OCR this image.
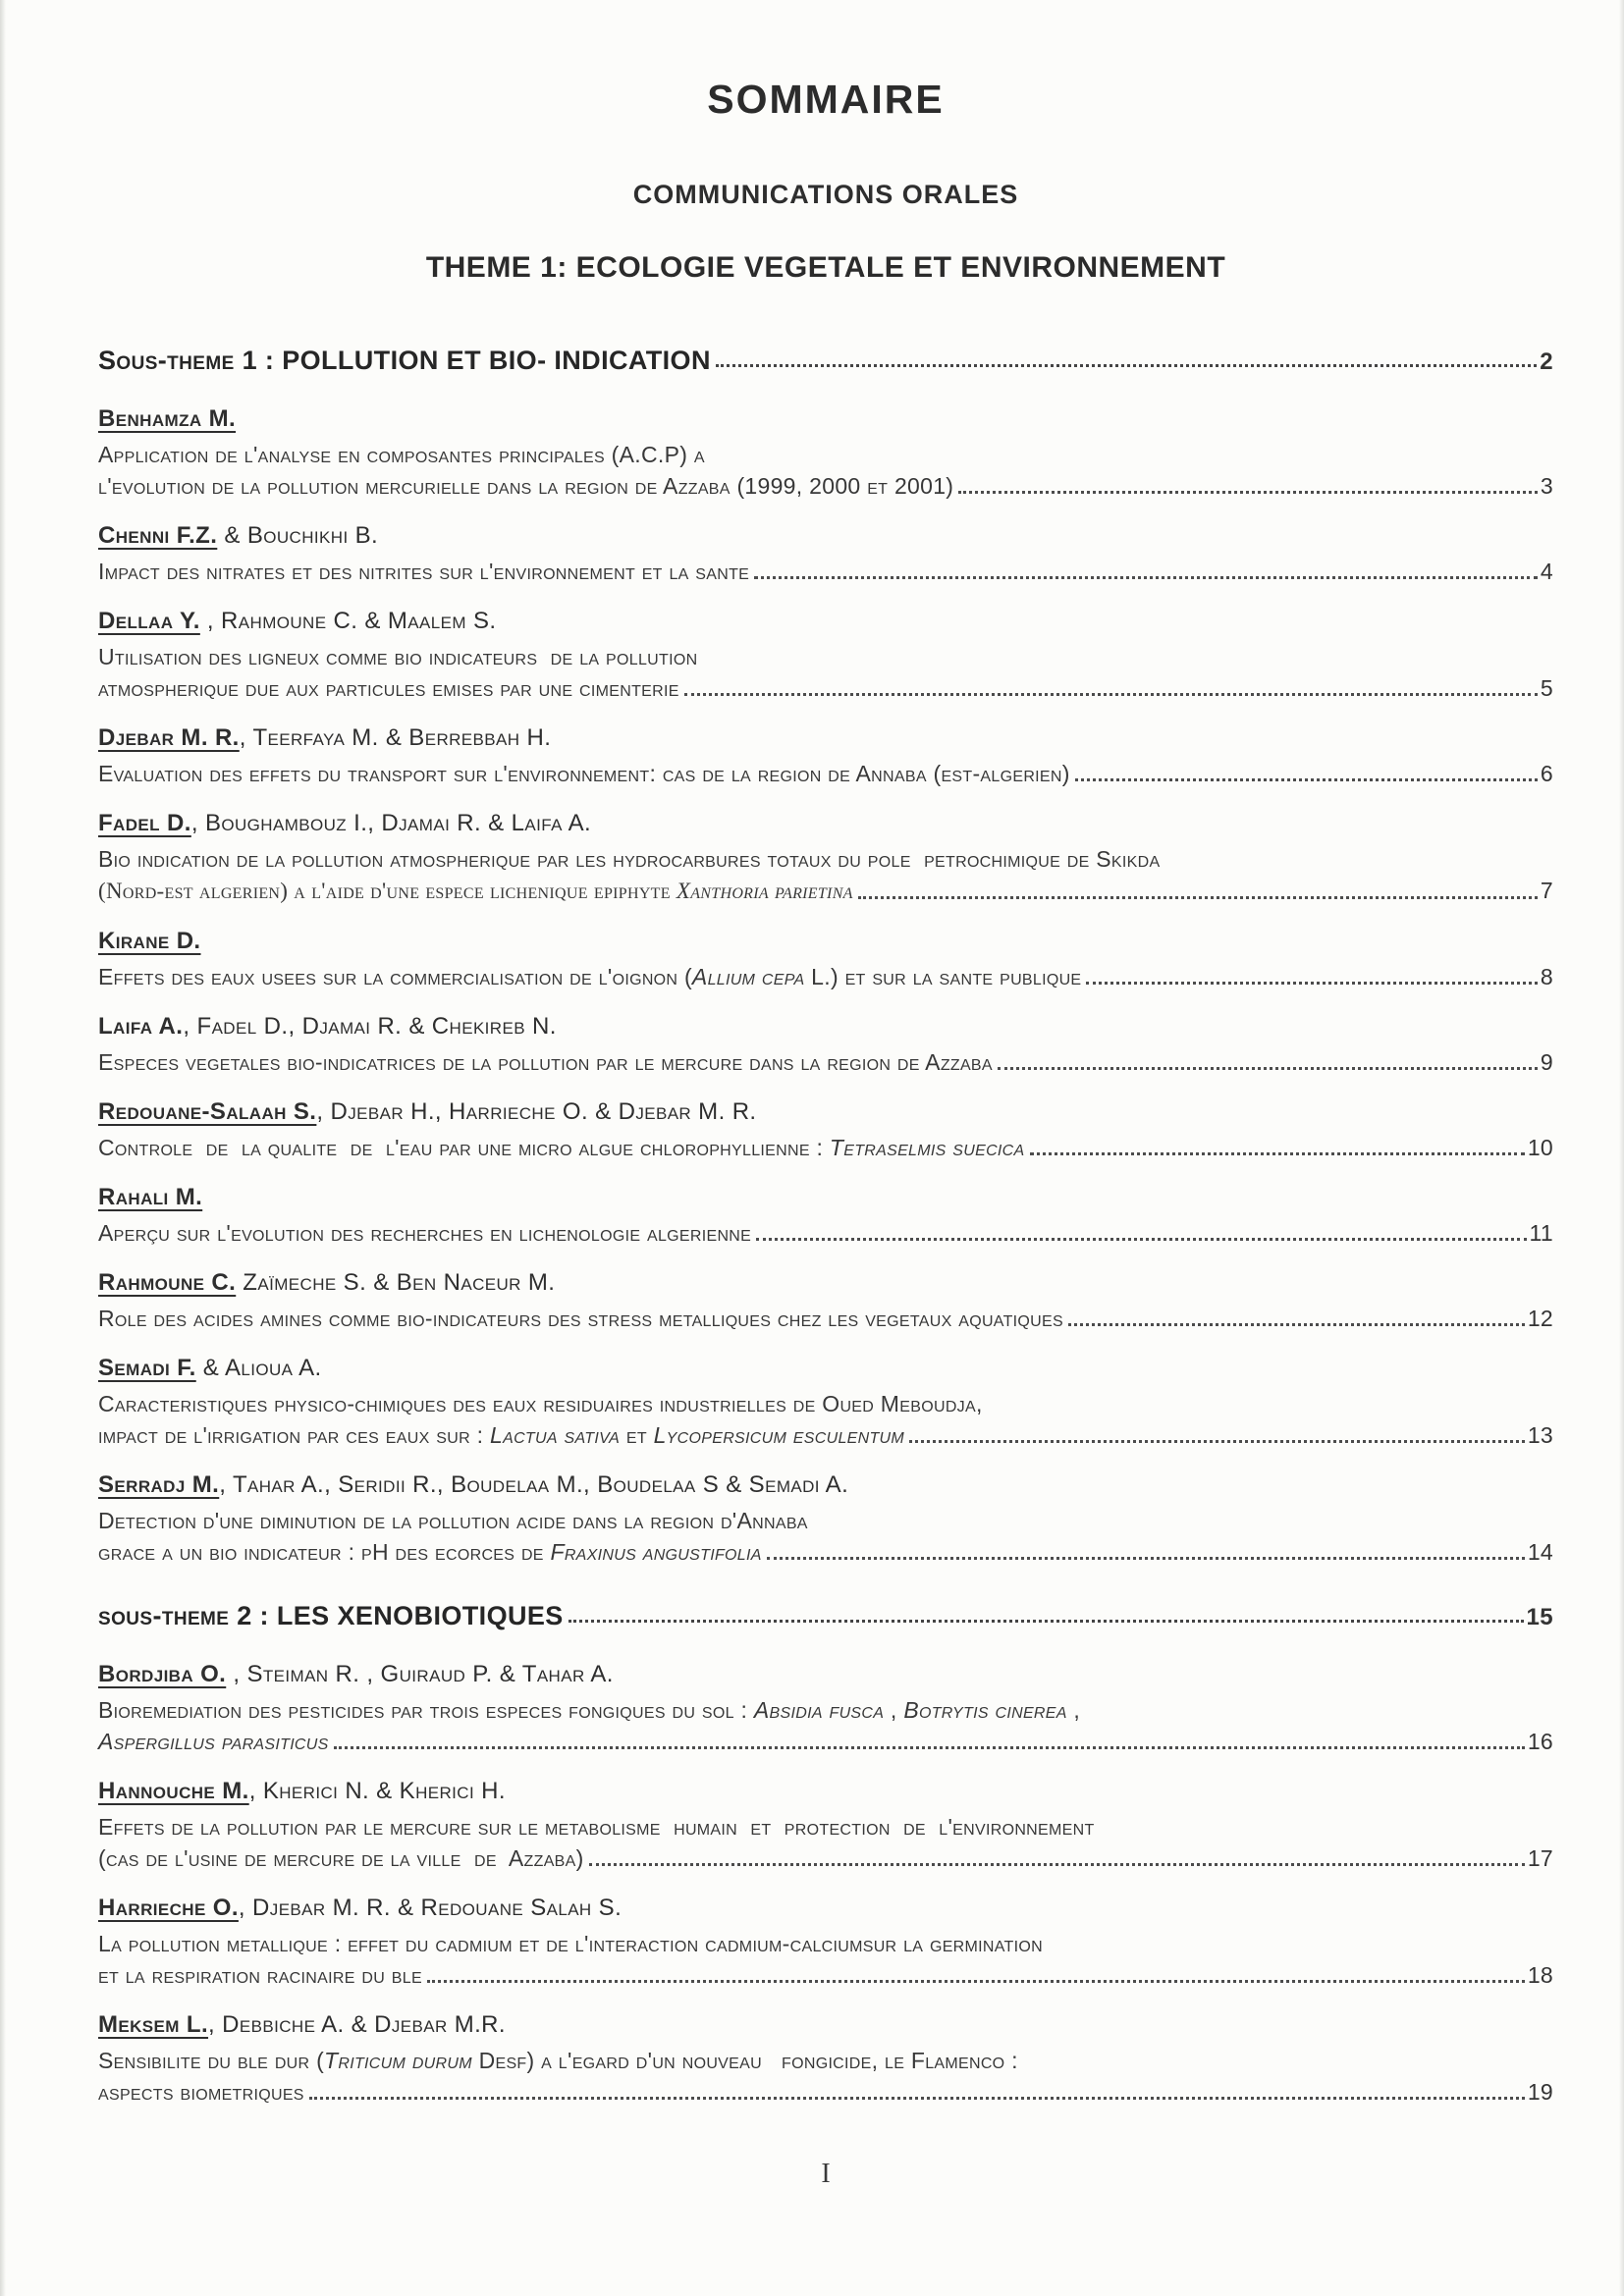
SOMMAIRE
COMMUNICATIONS ORALES
THEME 1: ECOLOGIE VEGETALE ET ENVIRONNEMENT
Sous-theme 1 : POLLUTION ET BIO- INDICATION	2
Benhamza M.
Application de l'analyse en composantes principales (A.C.P) a
l'evolution de la pollution mercurielle dans la region de Azzaba (1999, 2000 et 2001)	3
Chenni F.Z. & Bouchikhi B.
Impact des nitrates et des nitrites sur l'environnement et la sante	4
Dellaa Y. , Rahmoune C. & Maalem S.
Utilisation des ligneux comme bio indicateurs  de la pollution
atmospherique due aux particules emises par une cimenterie	5
Djebar M. R., Teerfaya M. & Berrebbah H.
Evaluation des effets du transport sur l'environnement: cas de la region de Annaba (est-algerien)	6
Fadel D., Boughambouz I., Djamai R. & Laifa A.
Bio indication de la pollution atmospherique par les hydrocarbures totaux du pole  petrochimique de Skikda
(Nord-est algerien) a l'aide d'une espece lichenique epiphyte Xanthoria parietina	7
Kirane D.
Effets des eaux usees sur la commercialisation de l'oignon (Allium cepa L.) et sur la sante publique	8
Laifa A., Fadel D., Djamai R. & Chekireb N.
Especes vegetales bio-indicatrices de la pollution par le mercure dans la region de Azzaba	9
Redouane-Salaah S., Djebar H., Harrieche O. & Djebar M. R.
Controle  de  la qualite  de  l'eau par une micro algue chlorophyllienne : Tetraselmis suecica	10
Rahali M.
Aperçu sur l'evolution des recherches en lichenologie algerienne	11
Rahmoune C. Zaïmeche S. & Ben Naceur M.
Role des acides amines comme bio-indicateurs des stress metalliques chez les vegetaux aquatiques	12
Semadi F. & Alioua A.
Caracteristiques physico-chimiques des eaux residuaires industrielles de Oued Meboudja,
impact de l'irrigation par ces eaux sur : Lactua sativa et Lycopersicum esculentum	13
Serradj M., Tahar A., Seridii R., Boudelaa M., Boudelaa S & Semadi A.
Detection d'une diminution de la pollution acide dans la region d'Annaba
grace a un bio indicateur : pH des ecorces de Fraxinus angustifolia	14
sous-theme 2 : LES XENOBIOTIQUES	15
Bordjiba O. , Steiman R. , Guiraud P. & Tahar A.
Bioremediation des pesticides par trois especes fongiques du sol : Absidia fusca , Botrytis cinerea ,
Aspergillus parasiticus	16
Hannouche M., Kherici N. & Kherici H.
Effets de la pollution par le mercure sur le metabolisme  humain  et  protection  de  l'environnement
(cas de l'usine de mercure de la ville  de  Azzaba)	17
Harrieche O., Djebar M. R. & Redouane Salah S.
La pollution metallique : effet du cadmium et de l'interaction cadmium-calciumsur la germination
et la respiration racinaire du ble	18
Meksem L., Debbiche A. & Djebar M.R.
Sensibilite du ble dur (Triticum durum Desf) a l'egard d'un nouveau   fongicide, le Flamenco :
aspects biometriques	19
I
